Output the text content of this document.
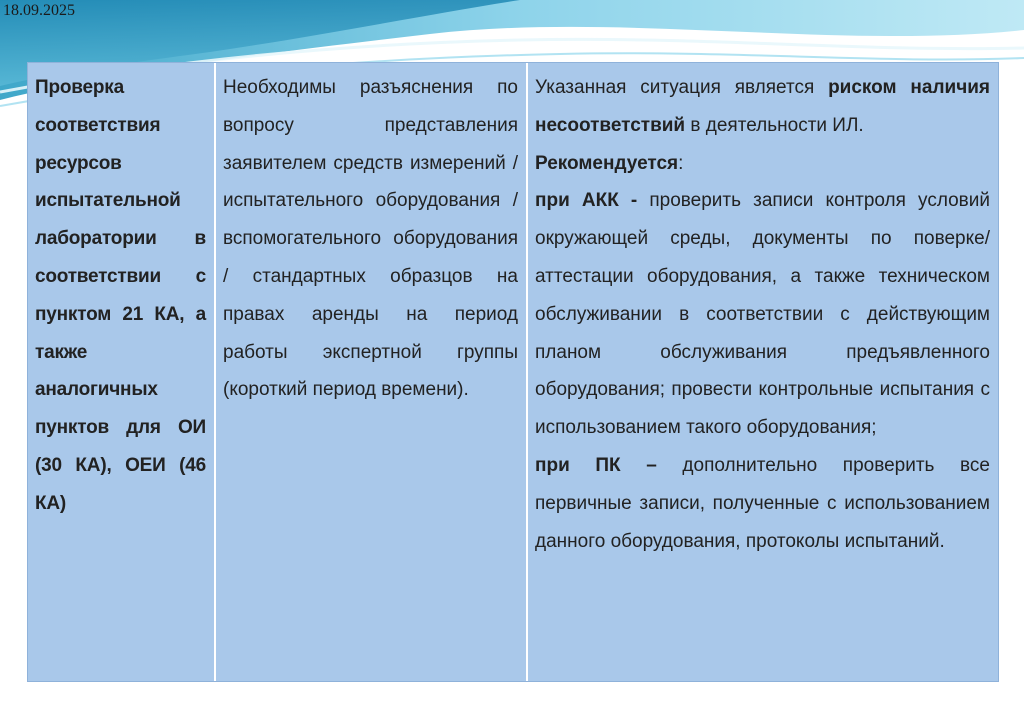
18.09.2025

Проверка соответствия ресурсов испытательной лаборатории в соответствии с пунктом 21 КА, а также аналогичных пунктов для ОИ (30 КА), ОЕИ (46 КА)

Необходимы разъяснения по вопросу представления заявителем средств измерений / испытательного оборудования / вспомогательного оборудования / стандартных образцов на правах аренды на период работы экспертной группы (короткий период времени).

Указанная ситуация является риском наличия несоответствий в деятельности ИЛ.

Рекомендуется:

при АКК - проверить записи контроля условий окружающей среды, документы по поверке/аттестации оборудования, а также техническом обслуживании в соответствии с действующим планом обслуживания предъявленного оборудования; провести контрольные испытания с использованием такого оборудования;

при ПК – дополнительно проверить все первичные записи, полученные с использованием данного оборудования, протоколы испытаний.
